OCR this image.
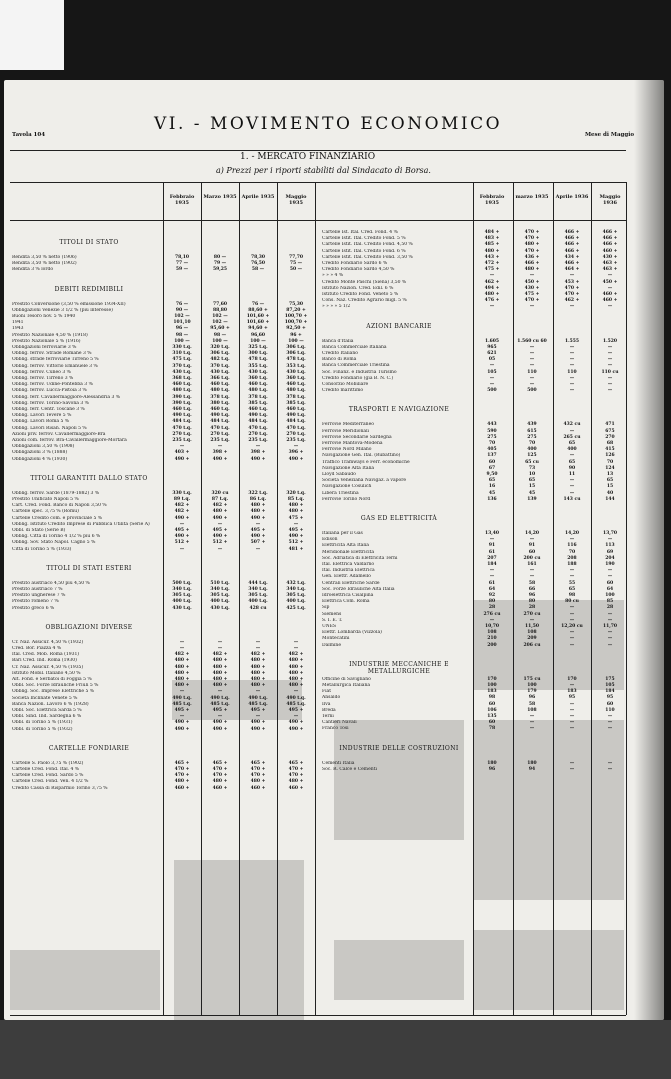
VI. - MOVIMENTO ECONOMICO
Tavola 104	Mese di Maggio
1. - MERCATO FINANZIARIO
a) Prezzi per i riporti stabiliti dal Sindacato di Borsa.
Febbraio 1935
Marzo 1935	Aprile 1935	Maggio 1935
Febbraio 1935
marzo 1935	Aprile 1936	Maggio 1936
TITOLI DI STATO
Rendita 3,50 % netto (1906)	78,10	80 —	78,30	77,70
Rendita 3,50 % netto (1902)	77 —	79 —	76,50	75 —
Rendita 3 % lordo	59 —	59,25	58 —	50 —
DEBITI REDIMIBILI
Prestito Conversione (3,50 % emissione 1934-XII)	76 —	77,60	76 —	75,30
Obbligazioni Venezie 3 1/2 % (più interesse)	90 —	88,80	88,60 +	87,20 +
Buoni Tesoro nov. 5 % 1940	102 —	102 —	101,60 +	100,70 +
1941	101,10	102 —	101,60 +	100,70 +
1943	96 —	95,60 +	94,60 +	92,50 +
Prestito Nazionale 4,50 % (1918)	98 —	98 —	96,60	96 +
Prestito Nazionale 5 % (1916)	100 —	100 —	100 —	100 —
Obbligazioni ferroviarie 3 %	330 t.q.	320 t.q.	325 t.q.	306 t.q.
Obblig. ferrov. Strade Romane 3 %	310 t.q.	306 t.q.	300 t.q.	306 t.q.
Obblig. strade ferroviarie Tirreno 5 %	475 t.q.	482 t.q.	478 t.q.	478 t.q.
Obblig. ferrov. Vittorio Emanuele 3 %	370 t.q.	370 t.q.	355 t.q.	353 t.q.
Obblig. ferrov. Cuneo 3 %	430 t.q.	430 t.q.	430 t.q.	430 t.q.
Obblig. ferrov. Tirreno 3 %	368 t.q.	366 t.q.	360 t.q.	360 t.q.
Obblig. ferrov. Udine-Pontebba 3 %	460 t.q.	460 t.q.	460 t.q.	460 t.q.
Obblig. ferrov. Lucca-Pistoia 3 %	480 t.q.	480 t.q.	480 t.q.	480 t.q.
Obblig. ferr. Cavallermaggiore-Alessandria 3 %	390 t.q.	378 t.q.	378 t.q.	378 t.q.
Obblig. ferrov. Torino-Savona 3 %	390 t.q.	380 t.q.	385 t.q.	385 t.q.
Obblig. ferr. Centr. Toscane 3 %	460 t.q.	460 t.q.	460 t.q.	460 t.q.
Obblig. Lavori Tevere 5 %	490 t.q.	490 t.q.	490 t.q.	490 t.q.
Obblig. Lavori Roma 5 %	484 t.q.	484 t.q.	484 t.q.	484 t.q.
Obblig. Lavori Risan. Napoli 5 %	470 t.q.	470 t.q.	470 t.q.	470 t.q.
Azioni priv. ferrov. Cavallermaggiore-Bra	270 t.q.	270 t.q.	270 t.q.	270 t.q.
Azioni com. ferrov. Bra-Cavallermaggiore-Mortara	235 t.q.	235 t.q.	235 t.q.	235 t.q.
Obbligazioni 3,50 % (1908)	—	—	—	—
Obbligazioni 3 % (1888)	403 +	398 +	398 +	396 +
Obbligazioni 4 % (1930)	490 +	490 +	490 +	490 +
TITOLI GARANTITI DALLO STATO
Obblig. ferrov. Sarde (1879-1882) 3 %	330 t.q.	320 cu	322 t.q.	320 t.q.
Prestito Unificato Napoli 5 %	89 t.q.	87 t.q.	86 t.q.	85 t.q.
Cart. Cred. Fond. Banco di Napoli 3,50 %	482 +	482 +	480 +	480 +
Cartelle spec. 3,75 % (Romu)	482 +	480 +	480 +	480 +
Cartelle Credito com. e provinciale 5 %	490 +	490 +	490 +	475 +
Obblig. Istituto Credito Imprese di Pubblica Utilità (Serie A)	—	—	—	—
Obbl. di Stato (Serie B)	495 +	495 +	495 +	495 +
Obblig. Città di Torino 4 1/2 % più 6 %	490 +	490 +	490 +	490 +
Obblig. Sov. Stato Napol. Cagno 5 %	512 +	512 +	507 +	512 +
Città di Torino 5 % (1933)	—	—	—	481 +
TITOLI DI STATI ESTERI
Prestito austriaco 4,50 più 4,50 %	500 t.q.	510 t.q.	444 t.q.	432 t.q.
Prestito austriaco 7 %	340 t.q.	340 t.q.	340 t.q.	340 t.q.
Prestito ungherese 7 %	305 t.q.	305 t.q.	305 t.q.	305 t.q.
Prestito romeno 7 %	400 t.q.	400 t.q.	400 t.q.	400 t.q.
Prestito greco 6 %	430 t.q.	430 t.q.	428 cu	425 t.q.
OBBLIGAZIONI DIVERSE
Cr. Naz. Assicur. 4,50 % (1932)	—	—	—	—
Cred. Bor. Piazza 4 %	—	—	—	—
Ital. Cred. Mob. Roma (1931)	482 +	482 +	482 +	482 +
Bari Cred. Ind. Roma (1930)	480 +	480 +	480 +	480 +
Cr. Naz. Assicur. 4,50 % (1935)	480 +	480 +	480 +	480 +
Istituto Mobil. Italiano 4,50 %	480 +	480 +	480 +	480 +
Alt. Fond. e Serbatoi di Foggia 5 %	480 +	480 +	480 +	480 +
Obbl. Soc. Forze Idrauliche Friuli 5 %	480 +	480 +	480 +	480 +
Obblig. Soc. Imprese Elettriche 5 %	—	—	—	—
Società Inclinate Venete 5 %	490 t.q.	490 t.q.	490 t.q.	490 t.q.
Banca Nazion. Lavoro 6 % (1928)	485 t.q.	485 t.q.	485 t.q.	485 t.q.
Obbl. Soc. Elettrica Sarda 5 %	495 +	495 +	495 +	495 +
Obbl. Sind. Ind. Sardegna 6 %	—	—	—	—
Obbl. di Torino 5 % (1931)	490 +	490 +	490 +	490 +
Obbl. di Torino 5 % (1932)	490 +	490 +	490 +	490 +
CARTELLE FONDIARIE
Cartelle S. Paolo 3,75 % (1902)	465 +	465 +	465 +	465 +
Cartelle Cred. Fond. Ital. 4 %	470 +	470 +	470 +	470 +
Cartelle Cred. Fond. Sardo 5 %	470 +	470 +	470 +	470 +
Cartelle Cred. Fond. Ven. 4 1/2 %	480 +	480 +	480 +	480 +
Credito Cassa di Risparmio Torino 3,75 %	460 +	460 +	460 +	460 +
Cartelle Ist. Ital. Cred. Fond. 4 %	484 +	470 +	466 +	466 +
Cartelle Istit. Ital. Credito Fond. 5 %	483 +	470 +	466 +	466 +
Cartelle Istit. Ital. Credito Fond. 4,50 %	485 +	480 +	466 +	466 +
Cartelle Istit. Ital. Credito Fond. 6 %	480 +	470 +	466 +	460 +
Cartelle Istit. Ital. Credito Fond. 3,50 %	443 +	436 +	434 +	430 +
Credito Fondiario Sardo 6 %	472 +	466 +	466 +	463 +
Credito Fondiario Sardo 4,50 %	475 +	480 +	464 +	463 +
» » » 4 %	—	—	—	—
Credito Monte Paschi (Siena) 3,50 %	462 +	450 +	453 +	450 +
Istituto Nazion. Cred. Edil. 6 %	494 +	430 +	470 +	—
Istituto Credito Fond. Veneto 5 %	480 +	475 +	470 +	460 +
Cons. Naz. Credito Agrario migl. 5 %	476 +	470 +	462 +	460 +
» » » » 5 1/2	—	—	—	—
AZIONI BANCARIE
Banca d'Italia	1.605	1.560 cu 60	1.555	1.520
Banca Commerciale Italiana	965	—	—	—
Credito Italiano	621	—	—	—
Banco di Roma	05	—	—	—
Banca Commerciale Triestina	—	—	—	—
Soc. Finanz. e Industria Turismo	105	110	110	110 cu
Credito Fondiario (già B. N. C.)	—	—	—	—
Consorzio Mobiliare	—	—	—	—
Credito marittimo	500	500	—	—
TRASPORTI E NAVIGAZIONE
Ferrovie Mediterraneo	443	439	432 cu	471
Ferrovie Meridionali	590	615	—	675
Ferrovie Secondarie Sardegna	275	275	265 cu	270
Ferrovie Mantova-Modena	70	70	65	68
Ferrovie Nord Milano	405	400	400	415
Navigazione Gen. Ital. (Rubattino)	137	125	—	126
Traffico Tramways e Ferr. economiche	60	65 cu	65	70
Navigazione Alta Italia	67	73	90	124
Lloyd Sabaudo	9,50	10	11	13
Società Veneziana Navigaz. a vapore	65	65	—	65
Navigazione Cosulich	16	15	—	15
Libera Triestina	45	45	—	40
Ferrovie Torino Nord	136	139	143 cu	144
GAS ED ELETTRICITÀ
Italiana per il Gas	13,40	14,20	14,20	13,70
Edison	—	—	—	—
Elettricità Alta Italia	91	91	116	113
Meridionale Elettricità	61	60	70	69
Soc. Adriatica di Elettricità Terni	207	200 cu	208	204
Ital. Elettrica Valdarno	184	161	188	190
Ital. Industria Elettrica	—	—	—	—
Gen. Elettr. Adamello	—	—	—	—
Centrali Elettriche Sarde	61	58	55	60
Soc. Forze Idrauliche Alta Italia	64	66	65	64
Idroelettrica Cisalpina	92	96	98	100
Elettrica Com. Roma	80	80	80 cu	85
Sip	28	28	—	28
Siemens	276 cu	270 cu	—	—
S. I. E. T.	—	—	—	—
UNES	10,70	11,50	12,20 cu	11,70
Elettr. Lombarda (Vizzola)	108	108	—	—
Montecatini	210	209	—	—
Dalmine	200	206 cu	—	—
INDUSTRIE MECCANICHE E METALLURGICHE
Officine di Savigliano	170	175 cu	170	175
Metallurgica Italiana	100	100	—	105
Fiat	183	179	183	184
Ansaldo	98	96	95	95
Ilva	60	58	—	60
Breda	106	108	—	110
Terni	135	—	—	—
Cantieri Navali	60	—	—	—
Franco Tosi	78	—	—	—
INDUSTRIE DELLE COSTRUZIONI
Cementi Italia	180	180	—	—
Soc. R. Calce e Cementi	96	94	—	—
